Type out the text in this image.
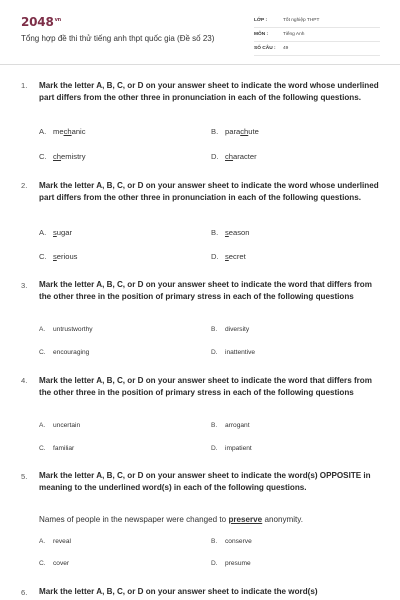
$2048^{vn}$
Tổng hợp đề thi thử tiếng anh thpt quốc gia (Đề số 23)
LỚP :	Tốt nghiệp THPT
MÔN :	Tiếng Anh
SỐ CÂU : 49
1. Mark the letter A, B, C, or D on your answer sheet to indicate the word whose underlined part differs from the other three in pronunciation in each of the following questions.
A. mechanic	B. parachute
C. chemistry	D. character
2. Mark the letter A, B, C, or D on your answer sheet to indicate the word whose underlined part differs from the other three in pronunciation in each of the following questions.
A. sugar	B. season
C. serious	D. secret
3. Mark the letter A, B, C, or D on your answer sheet to indicate the word that differs from the other three in the position of primary stress in each of the following questions
A. untrustworthy	B. diversity
C. encouraging	D. inattentive
4. Mark the letter A, B, C, or D on your answer sheet to indicate the word that differs from the other three in the position of primary stress in each of the following questions
A. uncertain	B. arrogant
C. familiar	D. impatient
5. Mark the letter A, B, C, or D on your answer sheet to indicate the word(s) OPPOSITE in meaning to the underlined word(s) in each of the following questions.
Names of people in the newspaper were changed to preserve anonymity.
A. reveal	B. conserve
C. cover	D. presume
6. Mark the letter A, B, C, or D on your answer sheet to indicate the word(s)
